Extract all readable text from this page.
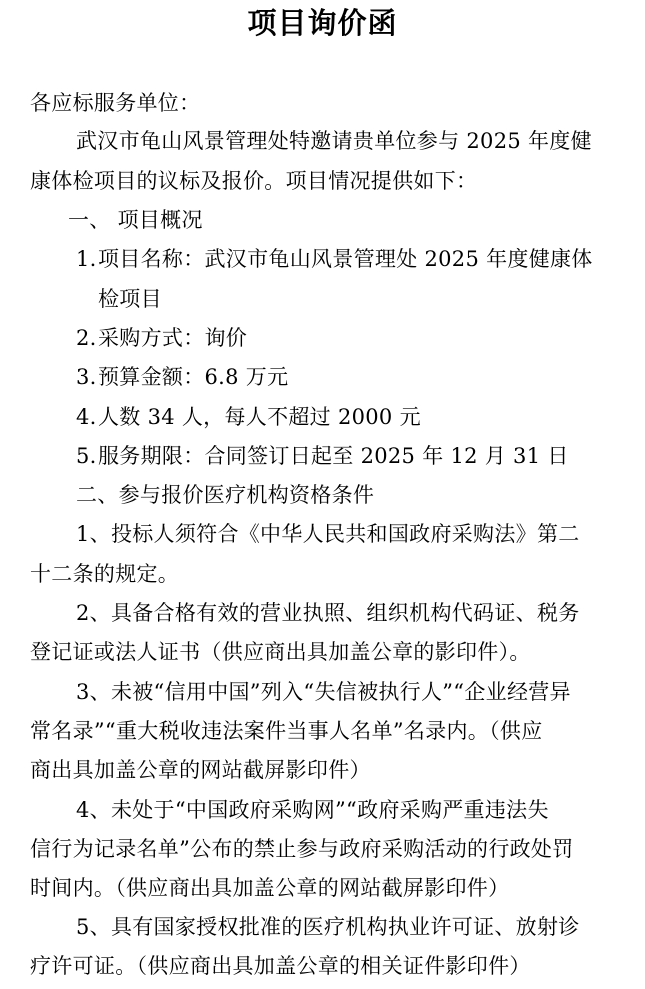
项目询价函
各应标服务单位：
武汉市龟山风景管理处特邀请贵单位参与 2025 年度健
康体检项目的议标及报价。项目情况提供如下：
一、 项目概况
1.项目名称：武汉市龟山风景管理处 2025 年度健康体
检项目
2.采购方式：询价
3.预算金额：6.8 万元
4.人数 34 人，每人不超过 2000 元
5.服务期限：合同签订日起至 2025 年 12 月 31 日
二、参与报价医疗机构资格条件
1、投标人须符合《中华人民共和国政府采购法》第二
十二条的规定。
2、具备合格有效的营业执照、组织机构代码证、税务
登记证或法人证书（供应商出具加盖公章的影印件）。
3、未被“信用中国”列入“失信被执行人”“企业经营异
常名录”“重大税收违法案件当事人名单”名录内。（供应
商出具加盖公章的网站截屏影印件）
4、未处于“中国政府采购网”“政府采购严重违法失
信行为记录名单”公布的禁止参与政府采购活动的行政处罚
时间内。（供应商出具加盖公章的网站截屏影印件）
5、具有国家授权批准的医疗机构执业许可证、放射诊
疗许可证。（供应商出具加盖公章的相关证件影印件）
